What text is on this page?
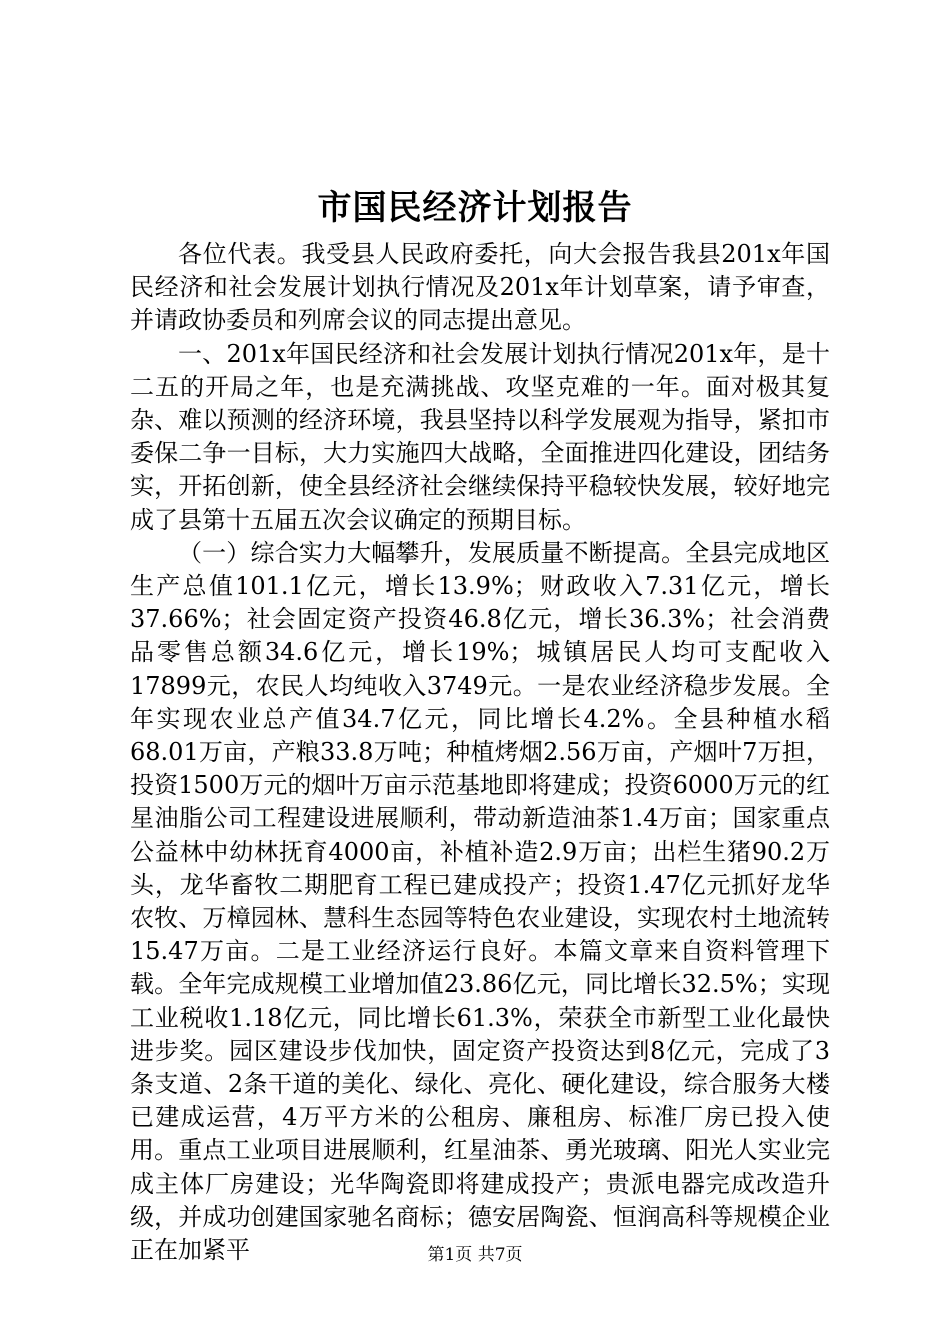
市国民经济计划报告

各位代表。我受县人民政府委托，向大会报告我县201x年国民经济和社会发展计划执行情况及201x年计划草案，请予审查，并请政协委员和列席会议的同志提出意见。

一、201x年国民经济和社会发展计划执行情况201x年，是十二五的开局之年，也是充满挑战、攻坚克难的一年。面对极其复杂、难以预测的经济环境，我县坚持以科学发展观为指导，紧扣市委保二争一目标，大力实施四大战略，全面推进四化建设，团结务实，开拓创新，使全县经济社会继续保持平稳较快发展，较好地完成了县第十五届五次会议确定的预期目标。

（一）综合实力大幅攀升，发展质量不断提高。全县完成地区生产总值101.1亿元，增长13.9%；财政收入7.31亿元，增长37.66%；社会固定资产投资46.8亿元，增长36.3%；社会消费品零售总额34.6亿元，增长19%；城镇居民人均可支配收入17899元，农民人均纯收入3749元。一是农业经济稳步发展。全年实现农业总产值34.7亿元，同比增长4.2%。全县种植水稻68.01万亩，产粮33.8万吨；种植烤烟2.56万亩，产烟叶7万担，投资1500万元的烟叶万亩示范基地即将建成；投资6000万元的红星油脂公司工程建设进展顺利，带动新造油茶1.4万亩；国家重点公益林中幼林抚育4000亩，补植补造2.9万亩；出栏生猪90.2万头，龙华畜牧二期肥育工程已建成投产；投资1.47亿元抓好龙华农牧、万樟园林、慧科生态园等特色农业建设，实现农村土地流转15.47万亩。二是工业经济运行良好。本篇文章来自资料管理下载。全年完成规模工业增加值23.86亿元，同比增长32.5%；实现工业税收1.18亿元，同比增长61.3%，荣获全市新型工业化最快进步奖。园区建设步伐加快，固定资产投资达到8亿元，完成了3条支道、2条干道的美化、绿化、亮化、硬化建设，综合服务大楼已建成运营，4万平方米的公租房、廉租房、标准厂房已投入使用。重点工业项目进展顺利，红星油茶、勇光玻璃、阳光人实业完成主体厂房建设；光华陶瓷即将建成投产；贵派电器完成改造升级，并成功创建国家驰名商标；德安居陶瓷、恒润高科等规模企业正在加紧平	第1页 共7页
